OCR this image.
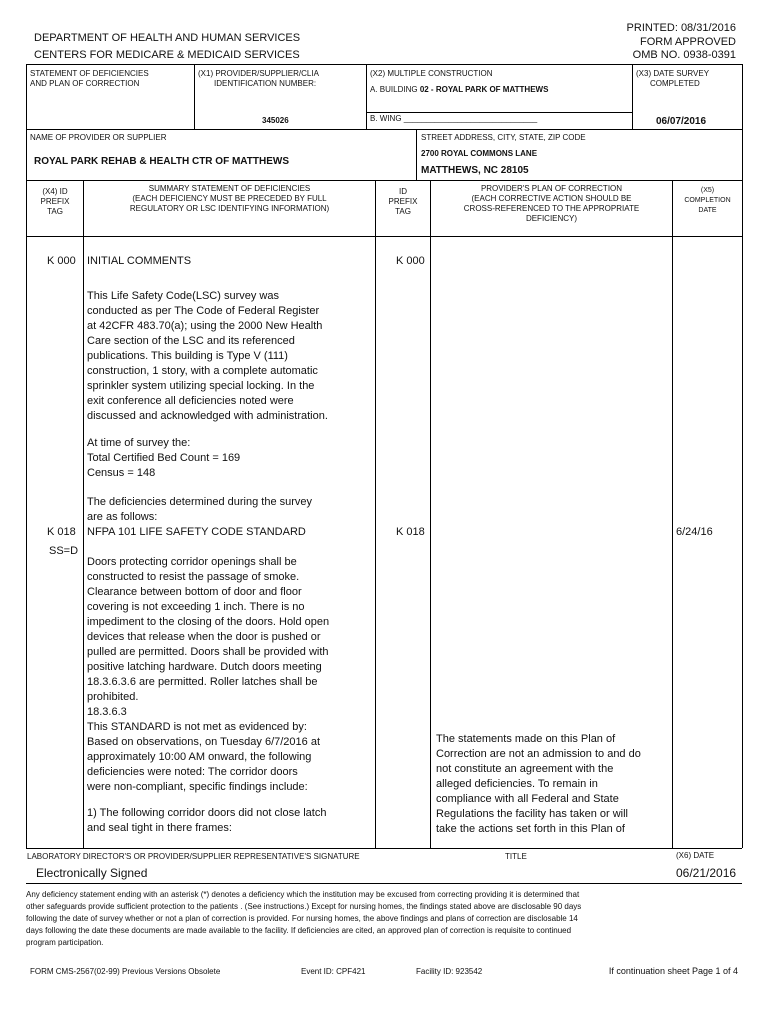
DEPARTMENT OF HEALTH AND HUMAN SERVICES
CENTERS FOR MEDICARE & MEDICAID SERVICES
PRINTED: 08/31/2016
FORM APPROVED
OMB NO. 0938-0391
STATEMENT OF DEFICIENCIES
AND PLAN OF CORRECTION
(X1) PROVIDER/SUPPLIER/CLIA
IDENTIFICATION NUMBER:
345026
(X2) MULTIPLE CONSTRUCTION
A. BUILDING 02 - ROYAL PARK OF MATTHEWS
B. WING ______________________________
(X3) DATE SURVEY
COMPLETED
06/07/2016
NAME OF PROVIDER OR SUPPLIER
ROYAL PARK REHAB & HEALTH CTR OF MATTHEWS
STREET ADDRESS, CITY, STATE, ZIP CODE
2700 ROYAL COMMONS LANE
MATTHEWS, NC 28105
(X4) ID
PREFIX
TAG
SUMMARY STATEMENT OF DEFICIENCIES
(EACH DEFICIENCY MUST BE PRECEDED BY FULL
REGULATORY OR LSC IDENTIFYING INFORMATION)
ID
PREFIX
TAG
PROVIDER'S PLAN OF CORRECTION
(EACH CORRECTIVE ACTION SHOULD BE
CROSS-REFERENCED TO THE APPROPRIATE
DEFICIENCY)
(X5)
COMPLETION
DATE
K 000 INITIAL COMMENTS	K 000
This Life Safety Code(LSC) survey was
conducted as per The Code of Federal Register
at 42CFR 483.70(a); using the 2000 New Health
Care section of the LSC and its referenced
publications. This building is Type V (111)
construction, 1 story, with a complete automatic
sprinkler system utilizing special locking. In the
exit conference all deficiencies noted were
discussed and acknowledged with administration.
At time of survey the:
Total Certified Bed Count = 169
Census = 148
The deficiencies determined during the survey
are as follows:
K 018
SS=D
NFPA 101 LIFE SAFETY CODE STANDARD	K 018	6/24/16
Doors protecting corridor openings shall be
constructed to resist the passage of smoke.
Clearance between bottom of door and floor
covering is not exceeding 1 inch. There is no
impediment to the closing of the doors. Hold open
devices that release when the door is pushed or
pulled are permitted. Doors shall be provided with
positive latching hardware. Dutch doors meeting
18.3.6.3.6 are permitted. Roller latches shall be
prohibited.
18.3.6.3
This STANDARD is not met as evidenced by:
Based on observations, on Tuesday 6/7/2016 at
approximately 10:00 AM onward, the following
deficiencies were noted: The corridor doors
were non-compliant, specific findings include:
1) The following corridor doors did not close latch
and seal tight in there frames:
The statements made on this Plan of
Correction are not an admission to and do
not constitute an agreement with the
alleged deficiencies. To remain in
compliance with all Federal and State
Regulations the facility has taken or will
take the actions set forth in this Plan of
LABORATORY DIRECTOR'S OR PROVIDER/SUPPLIER REPRESENTATIVE'S SIGNATURE	TITLE	(X6) DATE
Electronically Signed	06/21/2016
Any deficiency statement ending with an asterisk (*) denotes a deficiency which the institution may be excused from correcting providing it is determined that
other safeguards provide sufficient protection to the patients . (See instructions.) Except for nursing homes, the findings stated above are disclosable 90 days
following the date of survey whether or not a plan of correction is provided. For nursing homes, the above findings and plans of correction are disclosable 14
days following the date these documents are made available to the facility. If deficiencies are cited, an approved plan of correction is requisite to continued
program participation.
FORM CMS-2567(02-99) Previous Versions Obsolete	Event ID: CPF421	Facility ID: 923542	If continuation sheet Page 1 of 4
